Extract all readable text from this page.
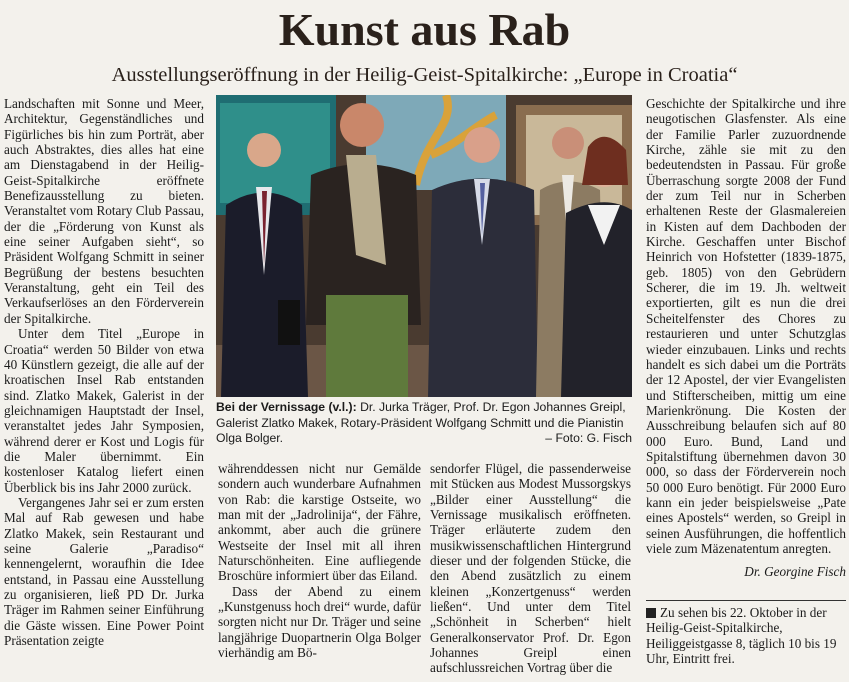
Kunst aus Rab
Ausstellungseröffnung in der Heilig-Geist-Spitalkirche: „Europe in Croatia“

Landschaften mit Sonne und Meer, Architektur, Gegenständliches und Figürliches bis hin zum Porträt, aber auch Abstraktes, dies alles hat eine am Dienstagabend in der Heilig-Geist-Spitalkirche eröffnete Benefizausstellung zu bieten. Veranstaltet vom Rotary Club Passau, der die „Förderung von Kunst als eine seiner Aufgaben sieht“, so Präsident Wolfgang Schmitt in seiner Begrüßung der bestens besuchten Veranstaltung, geht ein Teil des Verkaufserlöses an den Förderverein der Spitalkirche.

Unter dem Titel „Europe in Croatia“ werden 50 Bilder von etwa 40 Künstlern gezeigt, die alle auf der kroatischen Insel Rab entstanden sind. Zlatko Makek, Galerist in der gleichnamigen Hauptstadt der Insel, veranstaltet jedes Jahr Symposien, während derer er Kost und Logis für die Maler übernimmt. Ein kostenloser Katalog liefert einen Überblick bis ins Jahr 2000 zurück.

Vergangenes Jahr sei er zum ersten Mal auf Rab gewesen und habe Zlatko Makek, sein Restaurant und seine Galerie „Paradiso“ kennengelernt, woraufhin die Idee entstand, in Passau eine Ausstellung zu organisieren, ließ PD Dr. Jurka Träger im Rahmen seiner Einführung die Gäste wissen. Eine Power Point Präsentation zeigte

Bei der Vernissage (v.l.): Dr. Jurka Träger, Prof. Dr. Egon Johannes Greipl, Galerist Zlatko Makek, Rotary-Präsident Wolfgang Schmitt und die Pianistin Olga Bolger.	– Foto: G. Fisch

währenddessen nicht nur Gemälde sondern auch wunderbare Aufnahmen von Rab: die karstige Ostseite, wo man mit der „Jadrolinija“, der Fähre, ankommt, aber auch die grünere Westseite der Insel mit all ihren Naturschönheiten. Eine aufliegende Broschüre informiert über das Eiland.

Dass der Abend zu einem „Kunstgenuss hoch drei“ wurde, dafür sorgten nicht nur Dr. Träger und seine langjährige Duopartnerin Olga Bolger vierhändig am Bö-

sendorfer Flügel, die passenderweise mit Stücken aus Modest Mussorgskys „Bilder einer Ausstellung“ die Vernissage musikalisch eröffneten. Träger erläuterte zudem den musikwissenschaftlichen Hintergrund dieser und der folgenden Stücke, die den Abend zusätzlich zu einem kleinen „Konzertgenuss“ werden ließen“. Und unter dem Titel „Schönheit in Scherben“ hielt Generalkonservator Prof. Dr. Egon Johannes Greipl einen aufschlussreichen Vortrag über die

Geschichte der Spitalkirche und ihre neugotischen Glasfenster. Als eine der Familie Parler zuzuordnende Kirche, zähle sie mit zu den bedeutendsten in Passau. Für große Überraschung sorgte 2008 der Fund der zum Teil nur in Scherben erhaltenen Reste der Glasmalereien in Kisten auf dem Dachboden der Kirche. Geschaffen unter Bischof Heinrich von Hofstetter (1839-1875, geb. 1805) von den Gebrüdern Scherer, die im 19. Jh. weltweit exportierten, gilt es nun die drei Scheitelfenster des Chores zu restaurieren und unter Schutzglas wieder einzubauen. Links und rechts handelt es sich dabei um die Porträts der 12 Apostel, der vier Evangelisten und Stifterscheiben, mittig um eine Marienkrönung. Die Kosten der Ausschreibung belaufen sich auf 80 000 Euro. Bund, Land und Spitalstiftung übernehmen davon 30 000, so dass der Förderverein noch 50 000 Euro benötigt. Für 2000 Euro kann ein jeder beispielsweise „Pate eines Apostels“ werden, so Greipl in seinen Ausführungen, die hoffentlich viele zum Mäzenatentum anregten.

Dr. Georgine Fisch
Zu sehen bis 22. Oktober in der Heilig-Geist-Spitalkirche, Heiliggeistgasse 8, täglich 10 bis 19 Uhr, Eintritt frei.
